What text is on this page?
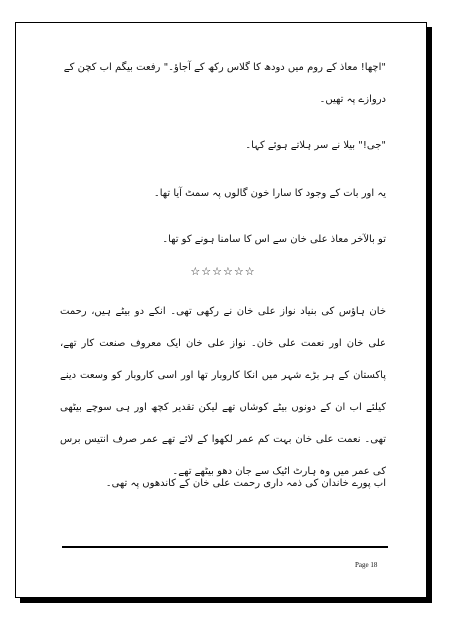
"اچھا! معاذ کے روم میں دودھ کا گلاس رکھ کے آجاؤ۔" رفعت بیگم اب کچن کے دروازے پہ تھیں۔

"جی!" بیلا نے سر ہلاتے ہوئے کہا۔

یہ اور بات کے وجود کا سارا خون گالوں پہ سمٹ آیا تھا۔

تو بالآخر معاذ علی خان سے اس کا سامنا ہونے کو تھا۔

☆☆☆☆☆☆

خان ہاؤس کی بنیاد نواز علی خان نے رکھی تھی۔ انکے دو بیٹے ہیں، رحمت علی خان اور نعمت علی خان۔ نواز علی خان ایک معروف صنعت کار تھے، پاکستان کے ہر بڑے شہر میں انکا کاروبار تھا اور اسی کاروبار کو وسعت دینے کیلئے اب ان کے دونوں بیٹے کوشاں تھے لیکن تقدیر کچھ اور ہی سوچے بیٹھی تھی۔ نعمت علی خان بہت کم عمر لکھوا کے لائے تھے عمر صرف انتیس برس کی عمر میں وہ ہارٹ اٹیک سے جان دھو بیٹھے تھے۔

اب پورے خاندان کی ذمہ داری رحمت علی خان کے کاندھوں پہ تھی۔

Page 18
